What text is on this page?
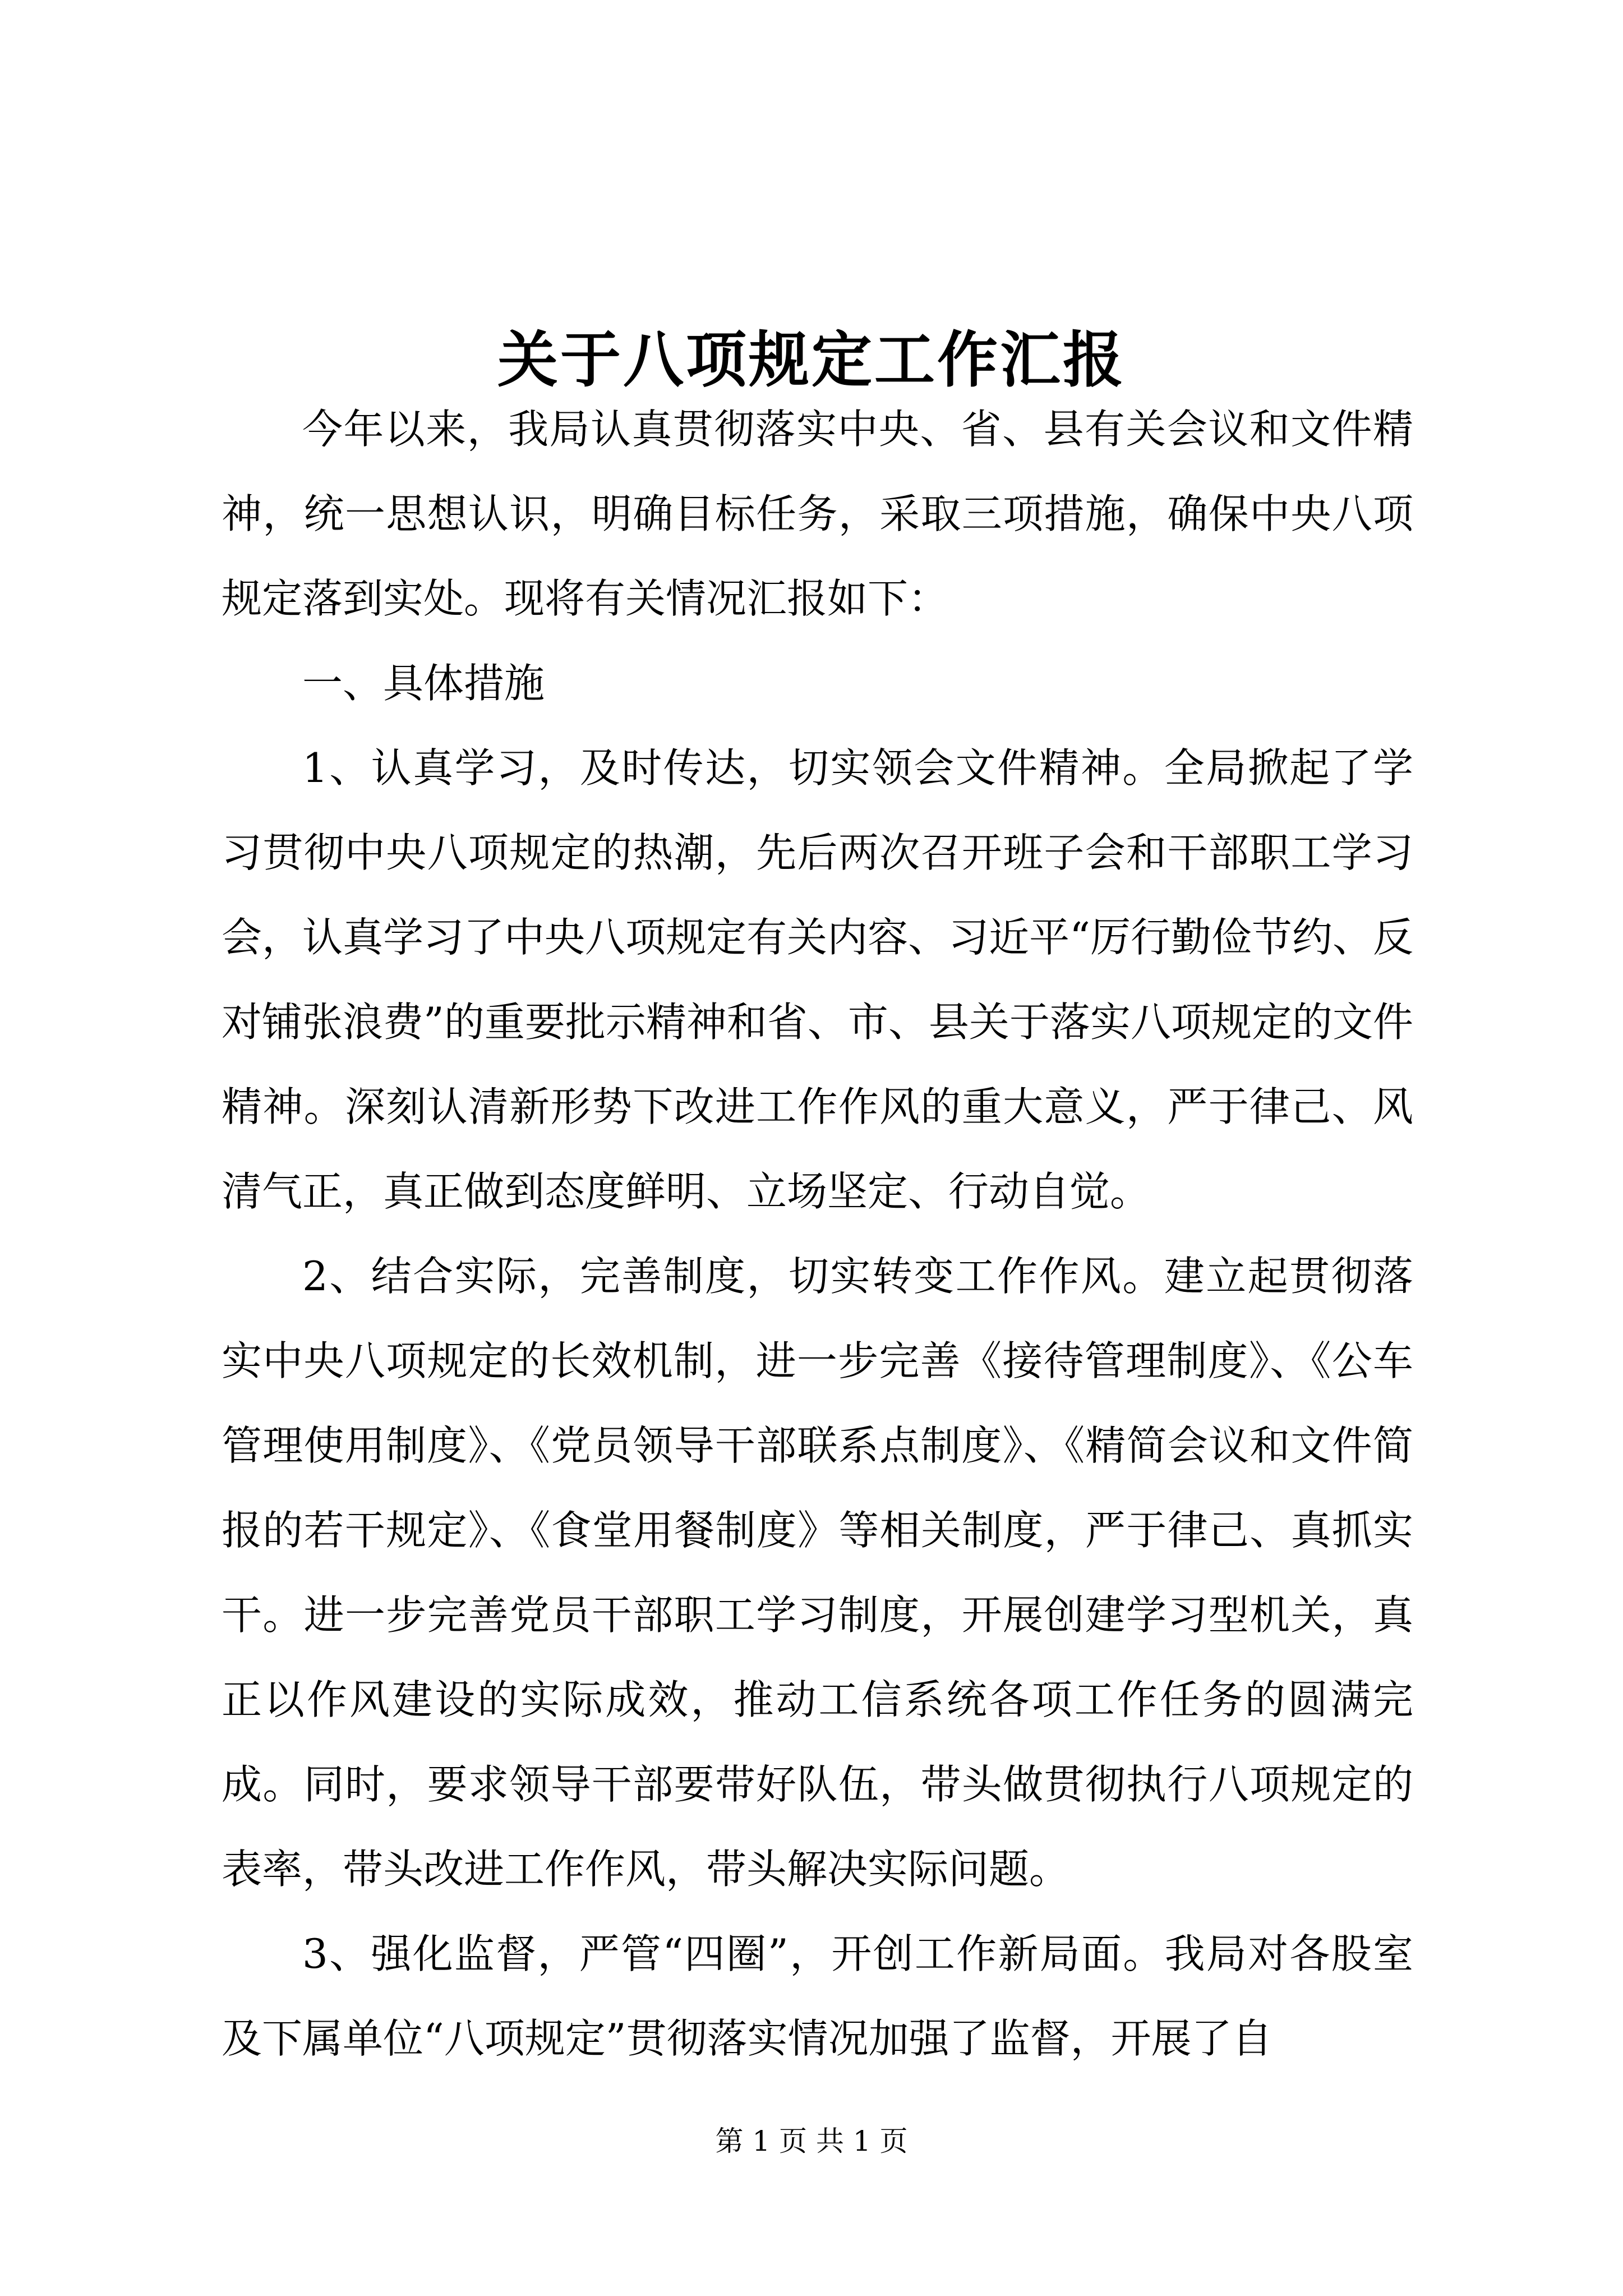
关于八项规定工作汇报

今年以来，我局认真贯彻落实中央、省、县有关会议和文件精神，统一思想认识，明确目标任务，采取三项措施，确保中央八项规定落到实处。现将有关情况汇报如下：

一、具体措施

1、认真学习，及时传达，切实领会文件精神。全局掀起了学习贯彻中央八项规定的热潮，先后两次召开班子会和干部职工学习会，认真学习了中央八项规定有关内容、习近平“厉行勤俭节约、反对铺张浪费”的重要批示精神和省、市、县关于落实八项规定的文件精神。深刻认清新形势下改进工作作风的重大意义，严于律己、风清气正，真正做到态度鲜明、立场坚定、行动自觉。

2、结合实际，完善制度，切实转变工作作风。建立起贯彻落实中央八项规定的长效机制，进一步完善《接待管理制度》、《公车管理使用制度》、《党员领导干部联系点制度》、《精简会议和文件简报的若干规定》、《食堂用餐制度》等相关制度，严于律己、真抓实干。进一步完善党员干部职工学习制度，开展创建学习型机关，真正以作风建设的实际成效，推动工信系统各项工作任务的圆满完成。同时，要求领导干部要带好队伍，带头做贯彻执行八项规定的表率，带头改进工作作风，带头解决实际问题。

3、强化监督，严管“四圈”，开创工作新局面。我局对各股室及下属单位“八项规定”贯彻落实情况加强了监督，开展了自

第 1 页 共 1 页
